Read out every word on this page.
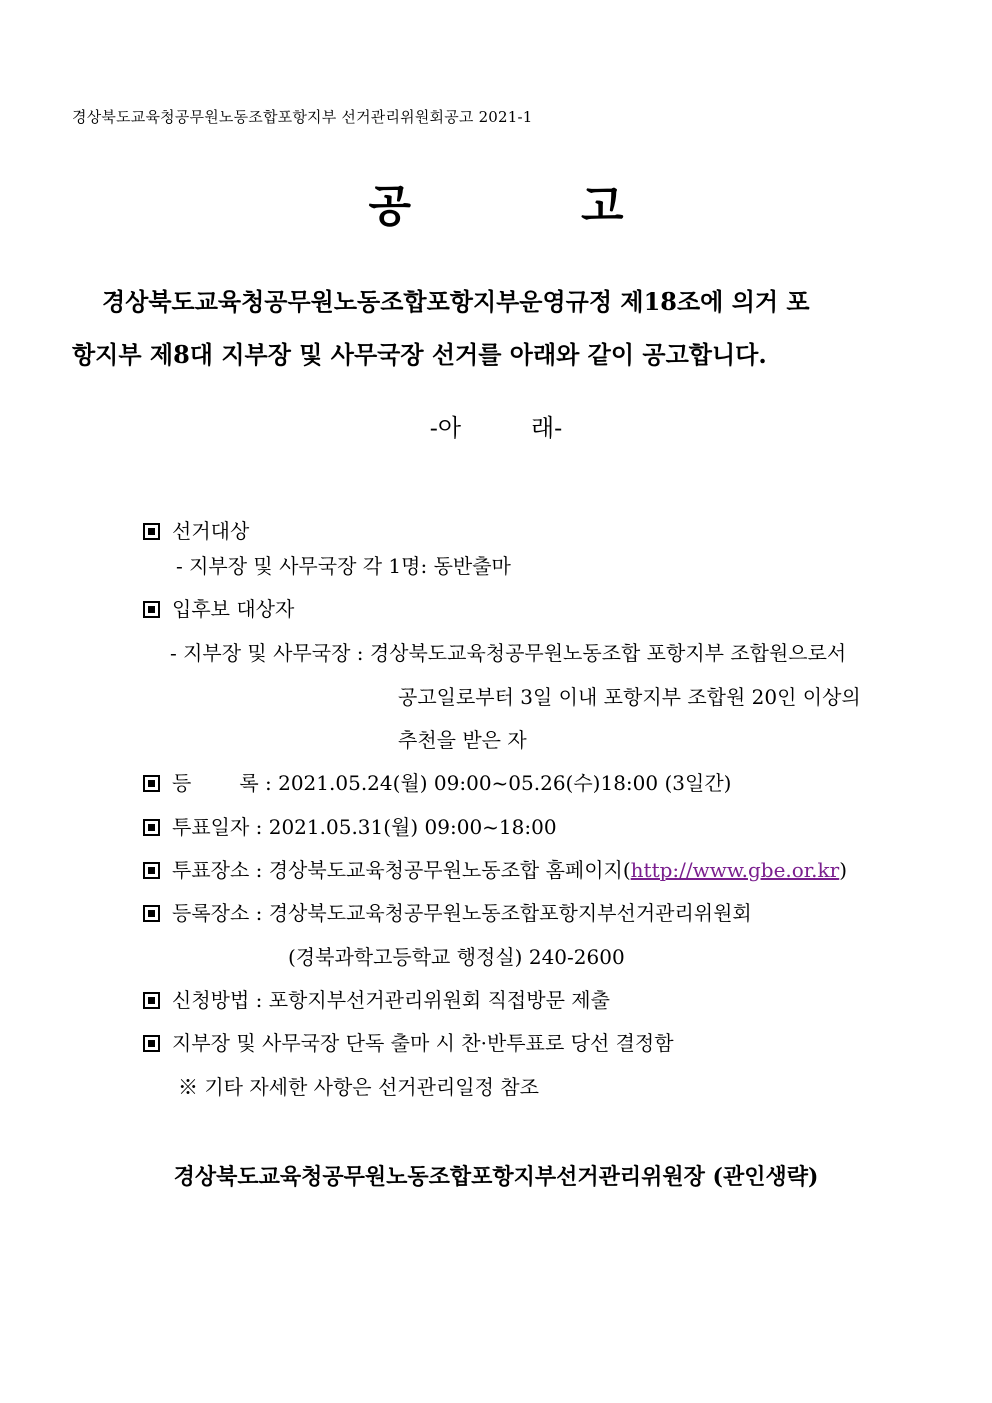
경상북도교육청공무원노동조합포항지부 선거관리위원회공고 2021-1
공	고
경상북도교육청공무원노동조합포항지부운영규정 제18조에 의거 포
항지부 제8대 지부장 및 사무국장 선거를 아래와 같이 공고합니다.
-아	래-
선거대상
- 지부장 및 사무국장 각 1명: 동반출마
입후보 대상자
- 지부장 및 사무국장 : 경상북도교육청공무원노동조합 포항지부 조합원으로서
공고일로부터 3일 이내 포항지부 조합원 20인 이상의
추천을 받은 자
등 록 : 2021.05.24(월) 09:00~05.26(수)18:00 (3일간)
투표일자 : 2021.05.31(월) 09:00~18:00
투표장소 : 경상북도교육청공무원노동조합 홈페이지(http://www.gbe.or.kr)
등록장소 : 경상북도교육청공무원노동조합포항지부선거관리위원회
(경북과학고등학교 행정실) 240-2600
신청방법 : 포항지부선거관리위원회 직접방문 제출
지부장 및 사무국장 단독 출마 시 찬·반투표로 당선 결정함
※ 기타 자세한 사항은 선거관리일정 참조
경상북도교육청공무원노동조합포항지부선거관리위원장 (관인생략)
